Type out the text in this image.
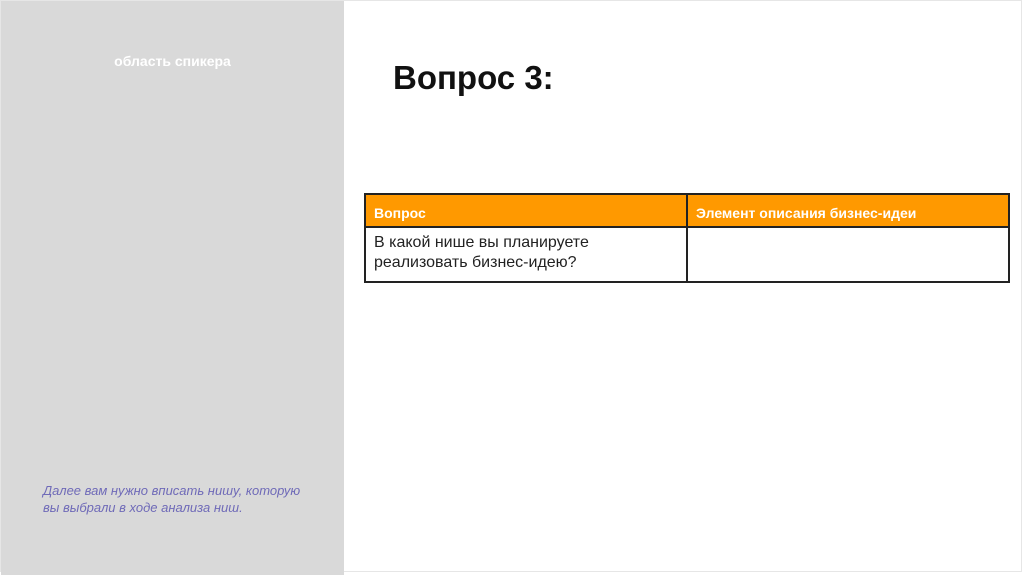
область спикера
Далее вам нужно вписать нишу, которую вы выбрали в ходе анализа ниш.
Вопрос 3:
Вопрос	Элемент описания бизнес-идеи
В какой нише вы планируете реализовать бизнес-идею?	
